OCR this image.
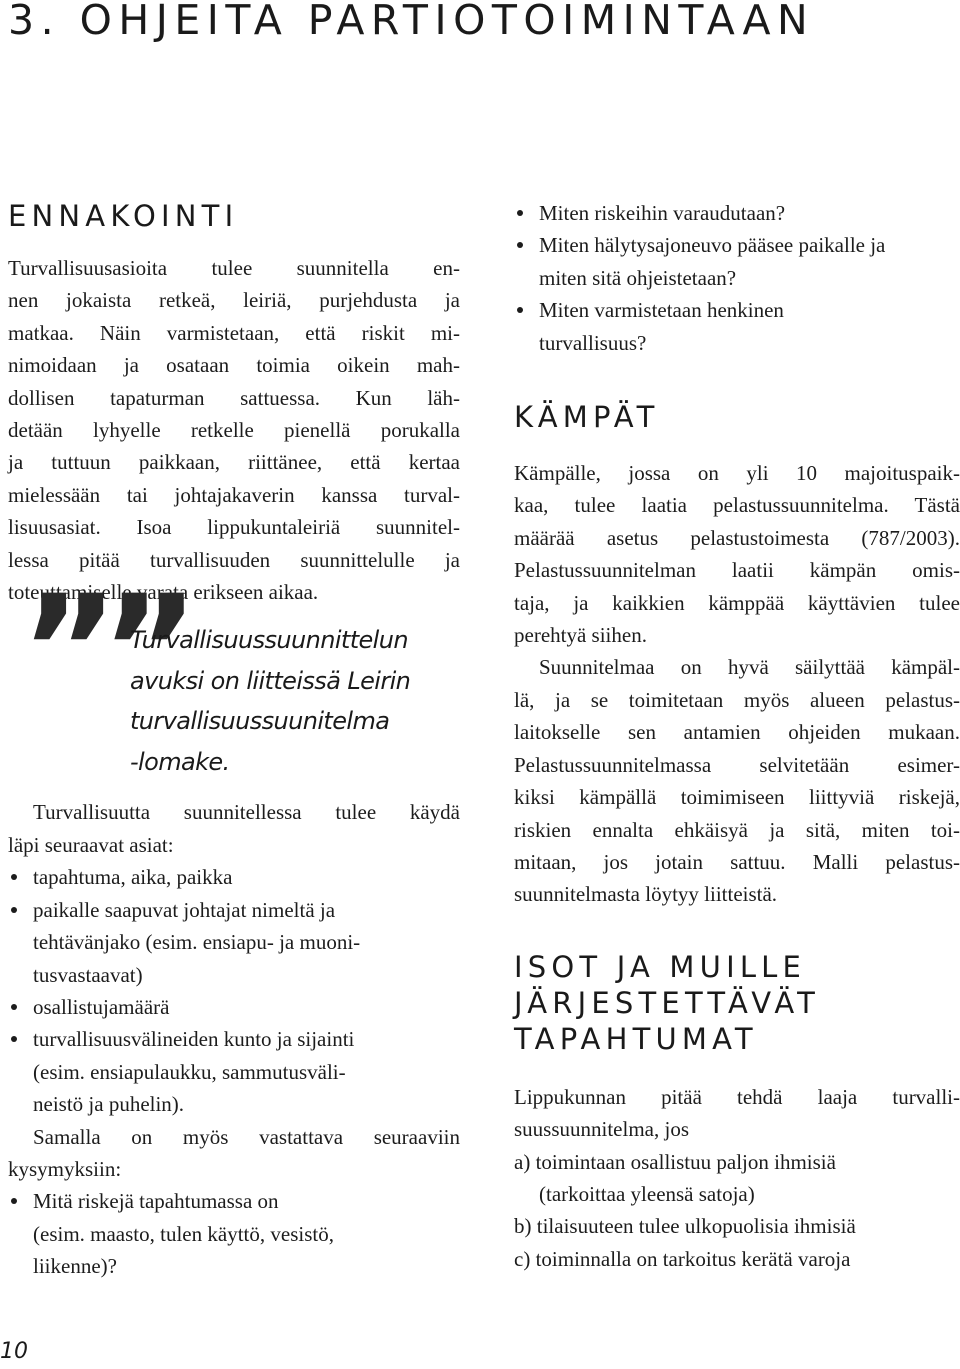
3. OHJEITA PARTIOTOIMINTAAN
ENNAKOINTI

Turvallisuusasioita tulee suunnitella en-
nen jokaista retkeä, leiriä, purjehdusta ja
matkaa. Näin varmistetaan, että riskit mi-
nimoidaan ja osataan toimia oikein mah-
dollisen tapaturman sattuessa. Kun läh-
detään lyhyelle retkelle pienellä porukalla
ja tuttuun paikkaan, riittänee, että kertaa
mielessään tai johtajakaverin kanssa turval-
lisuusasiat. Isoa lippukuntaleiriä suunnitel-
lessa pitää turvallisuuden suunnittelulle ja
toteuttamiselle varata erikseen aikaa.

””

Turvallisuussuunnittelun
avuksi on liitteissä Leirin
turvallisuussuunitelma
-lomake.

Turvallisuutta suunnitellessa tulee käydä
läpi seuraavat asiat:

tapahtuma, aika, paikka
paikalle saapuvat johtajat nimeltä ja
tehtävänjako (esim. ensiapu- ja muoni-
tusvastaavat)
osallistujamäärä
turvallisuusvälineiden kunto ja sijainti
(esim. ensiapulaukku, sammutusväli-
neistö ja puhelin).

Samalla on myös vastattava seuraaviin
kysymyksiin:

Mitä riskejä tapahtumassa on
(esim. maasto, tulen käyttö, vesistö,
liikenne)?
Miten riskeihin varaudutaan?
Miten hälytysajoneuvo pääsee paikalle ja
miten sitä ohjeistetaan?
Miten varmistetaan henkinen
turvallisuus?
KÄMPÄT

Kämpälle, jossa on yli 10 majoituspaik-
kaa, tulee laatia pelastussuunnitelma. Tästä
määrää asetus pelastustoimesta (787/2003).
Pelastussuunnitelman laatii kämpän omis-
taja, ja kaikkien kämppää käyttävien tulee
perehtyä siihen.

Suunnitelmaa on hyvä säilyttää kämpäl-
lä, ja se toimitetaan myös alueen pelastus-
laitokselle sen antamien ohjeiden mukaan.
Pelastussuunnitelmassa selvitetään esimer-
kiksi kämpällä toimimiseen liittyviä riskejä,
riskien ennalta ehkäisyä ja sitä, miten toi-
mitaan, jos jotain sattuu. Malli pelastus-
suunnitelmasta löytyy liitteistä.

ISOT JA MUILLE
JÄRJESTETTÄVÄT
TAPAHTUMAT

Lippukunnan pitää tehdä laaja turvalli-
suussuunnitelma, jos

a) toimintaan osallistuu paljon ihmisiä
(tarkoittaa yleensä satoja)
b) tilaisuuteen tulee ulkopuolisia ihmisiä
c) toiminnalla on tarkoitus kerätä varoja
10
